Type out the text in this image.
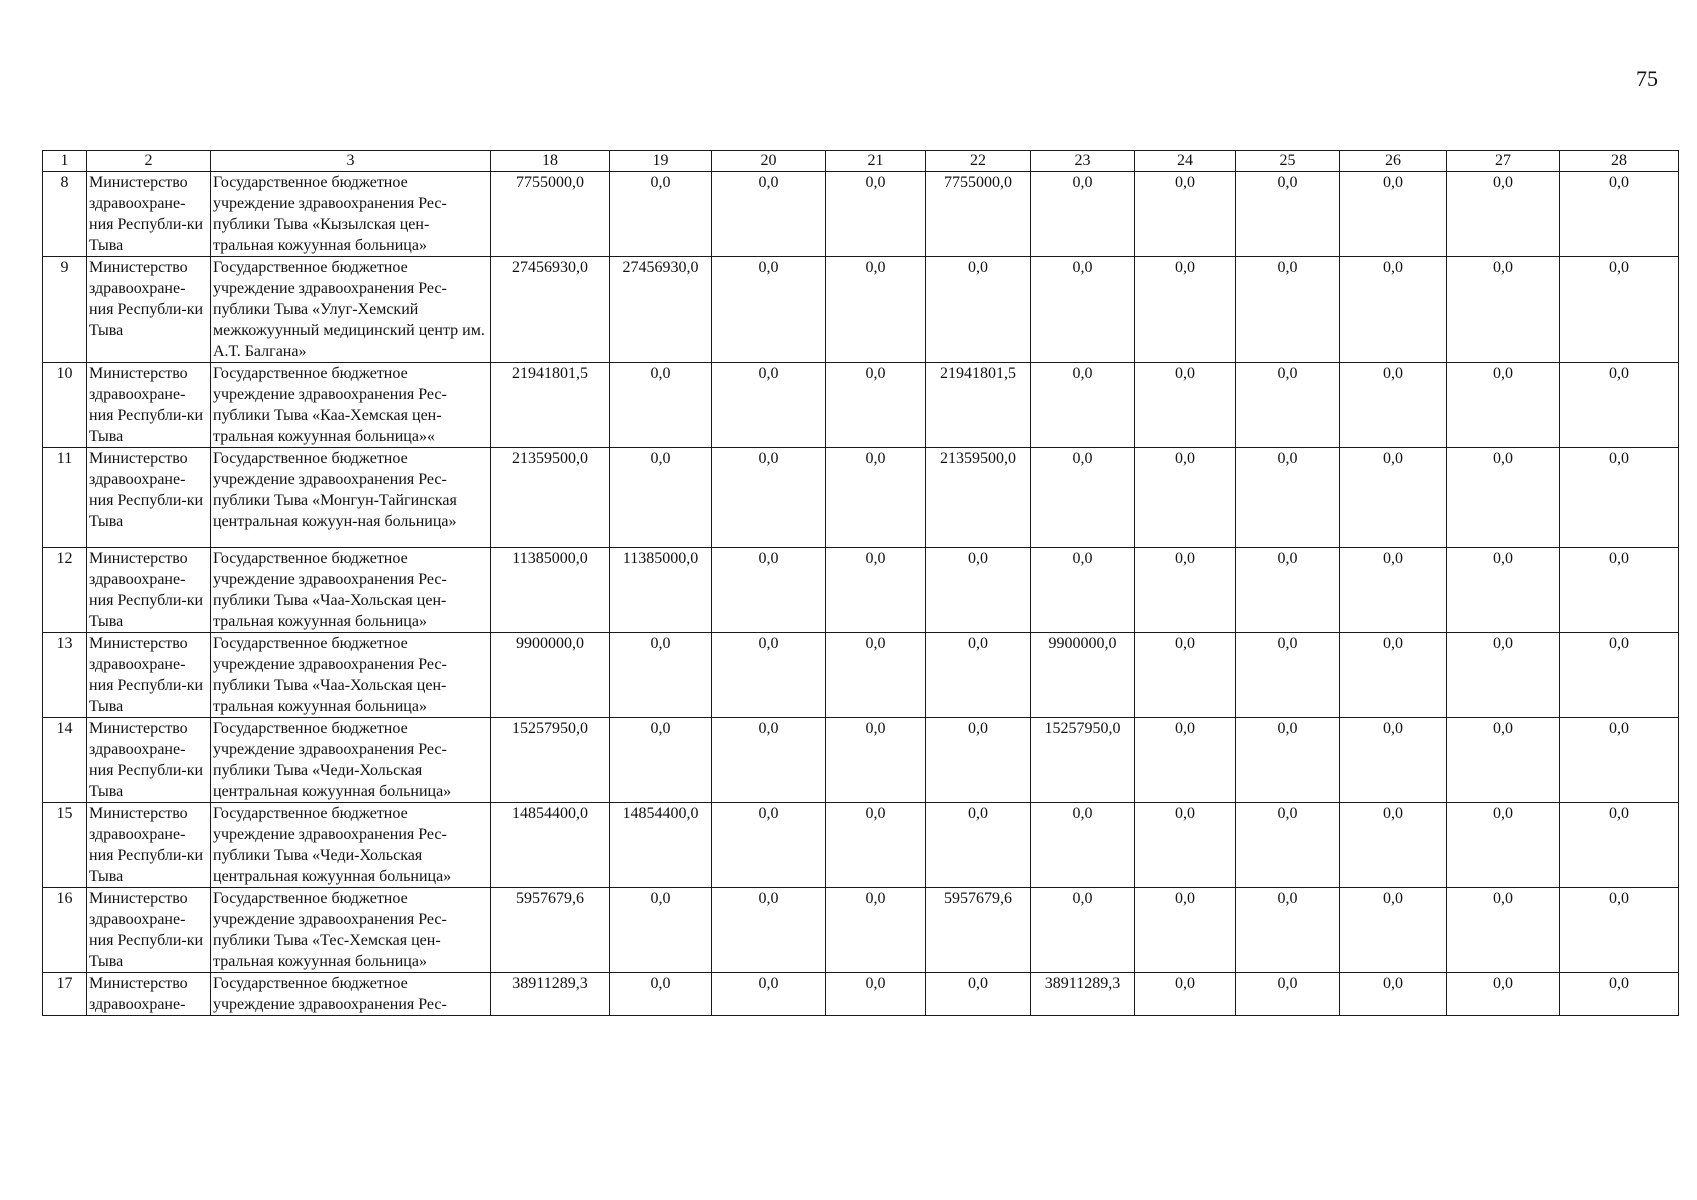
75
1	2	3	18	19	20	21	22	23	24	25	26	27	28
8	Министерство здравоохране-ния Республи-ки Тыва	Государственное бюджетное учреждение здравоохранения Рес-публики Тыва «Кызылская цен-тральная кожуунная больница»	7755000,0	0,0	0,0	0,0	7755000,0	0,0	0,0	0,0	0,0	0,0	0,0
9	Министерство здравоохране-ния Республи-ки Тыва	Государственное бюджетное учреждение здравоохранения Рес-публики Тыва «Улуг-Хемский межкожуунный медицинский центр им. А.Т. Балгана»	27456930,0	27456930,0	0,0	0,0	0,0	0,0	0,0	0,0	0,0	0,0	0,0
10	Министерство здравоохране-ния Республи-ки Тыва	Государственное бюджетное учреждение здравоохранения Рес-публики Тыва «Каа-Хемская цен-тральная кожуунная больница»«	21941801,5	0,0	0,0	0,0	21941801,5	0,0	0,0	0,0	0,0	0,0	0,0
11	Министерство здравоохране-ния Республи-ки Тыва	Государственное бюджетное учреждение здравоохранения Рес-публики Тыва «Монгун-Тайгинская центральная кожуун-ная больница»	21359500,0	0,0	0,0	0,0	21359500,0	0,0	0,0	0,0	0,0	0,0	0,0
12	Министерство здравоохране-ния Республи-ки Тыва	Государственное бюджетное учреждение здравоохранения Рес-публики Тыва «Чаа-Хольская цен-тральная кожуунная больница»	11385000,0	11385000,0	0,0	0,0	0,0	0,0	0,0	0,0	0,0	0,0	0,0
13	Министерство здравоохране-ния Республи-ки Тыва	Государственное бюджетное учреждение здравоохранения Рес-публики Тыва «Чаа-Хольская цен-тральная кожуунная больница»	9900000,0	0,0	0,0	0,0	0,0	9900000,0	0,0	0,0	0,0	0,0	0,0
14	Министерство здравоохране-ния Республи-ки Тыва	Государственное бюджетное учреждение здравоохранения Рес-публики Тыва «Чеди-Хольская центральная кожуунная больница»	15257950,0	0,0	0,0	0,0	0,0	15257950,0	0,0	0,0	0,0	0,0	0,0
15	Министерство здравоохране-ния Республи-ки Тыва	Государственное бюджетное учреждение здравоохранения Рес-публики Тыва «Чеди-Хольская центральная кожуунная больница»	14854400,0	14854400,0	0,0	0,0	0,0	0,0	0,0	0,0	0,0	0,0	0,0
16	Министерство здравоохране-ния Республи-ки Тыва	Государственное бюджетное учреждение здравоохранения Рес-публики Тыва «Тес-Хемская цен-тральная кожуунная больница»	5957679,6	0,0	0,0	0,0	5957679,6	0,0	0,0	0,0	0,0	0,0	0,0
17	Министерство здравоохране-	Государственное бюджетное учреждение здравоохранения Рес-	38911289,3	0,0	0,0	0,0	0,0	38911289,3	0,0	0,0	0,0	0,0	0,0
